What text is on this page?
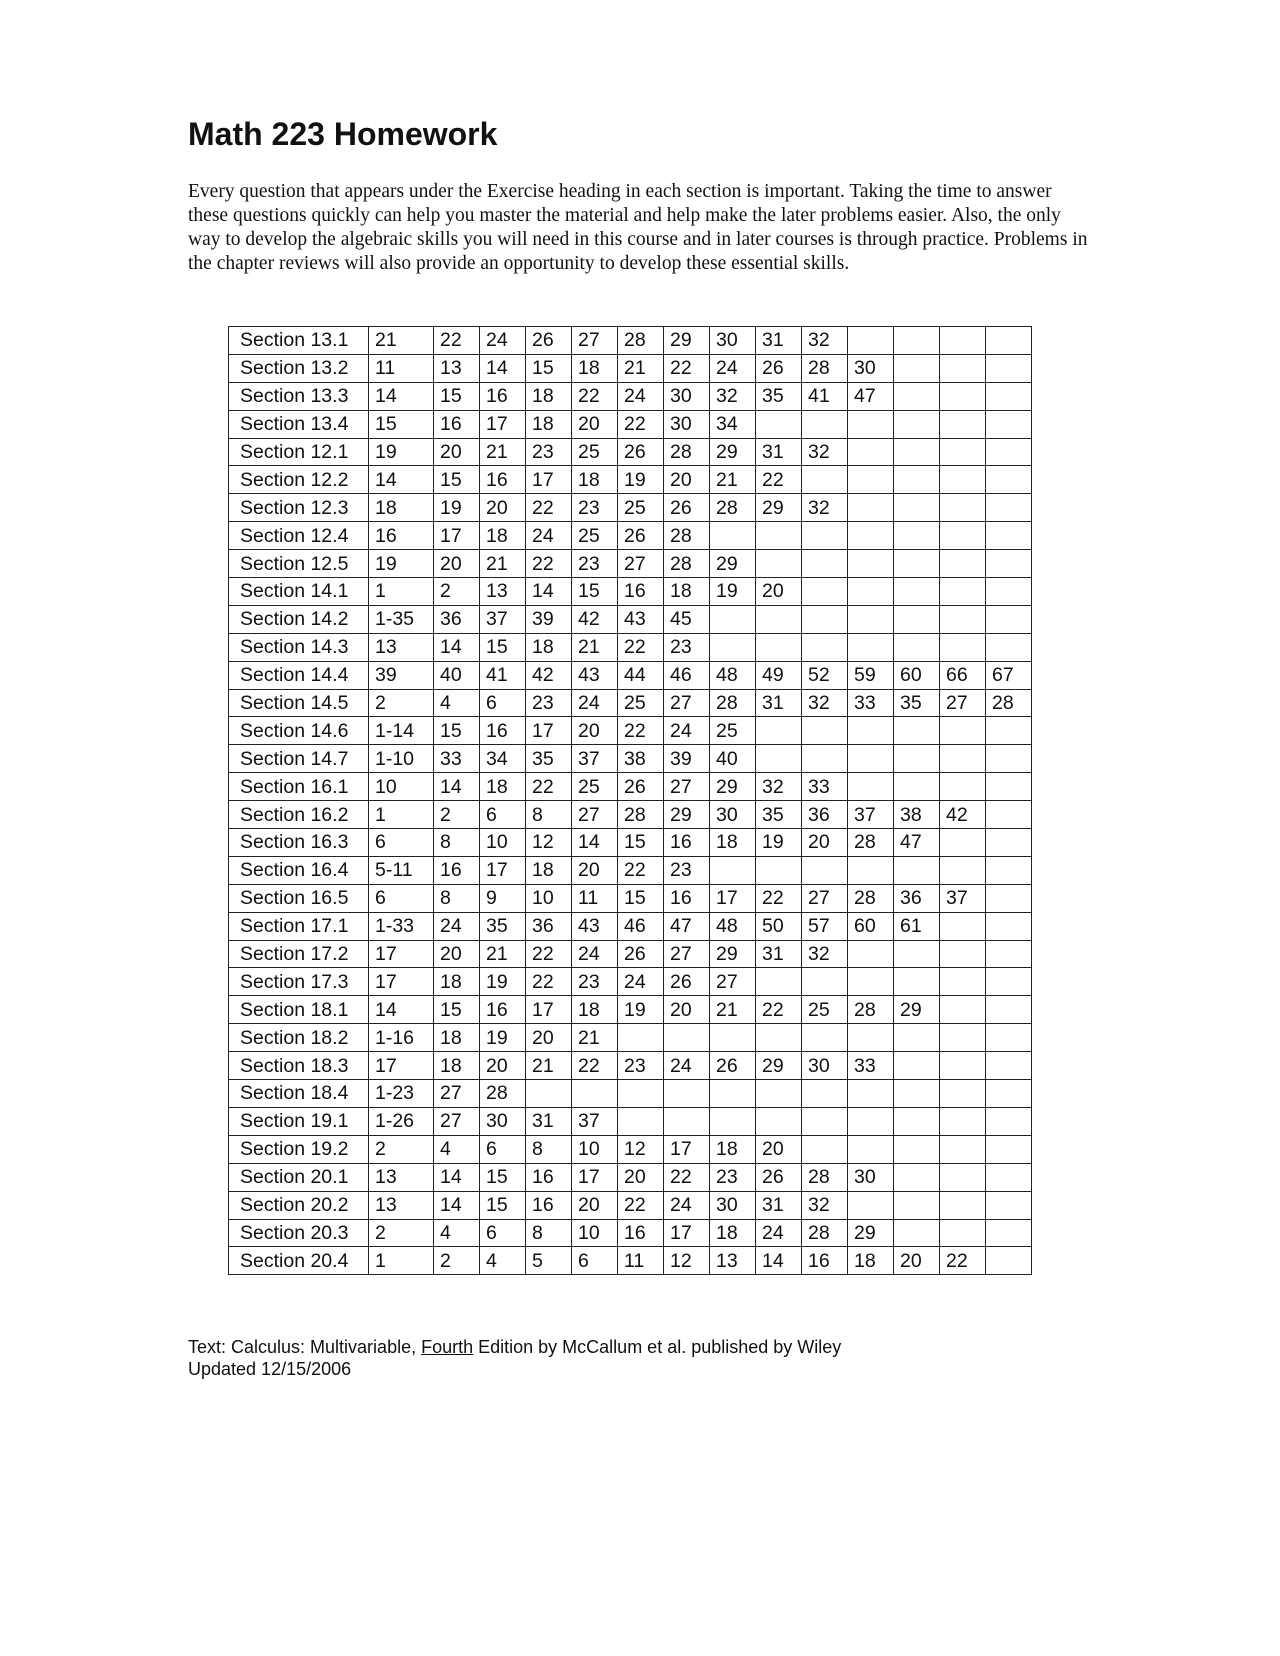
Math 223 Homework

Every question that appears under the Exercise heading in each section is important. Taking the time to answer these questions quickly can help you master the material and help make the later problems easier. Also, the only way to develop the algebraic skills you will need in this course and in later courses is through practice. Problems in the chapter reviews will also provide an opportunity to develop these essential skills.

Section 13.1	21	22	24	26	27	28	29	30	31	32				
Section 13.2	11	13	14	15	18	21	22	24	26	28	30			
Section 13.3	14	15	16	18	22	24	30	32	35	41	47			
Section 13.4	15	16	17	18	20	22	30	34						
Section 12.1	19	20	21	23	25	26	28	29	31	32				
Section 12.2	14	15	16	17	18	19	20	21	22					
Section 12.3	18	19	20	22	23	25	26	28	29	32				
Section 12.4	16	17	18	24	25	26	28							
Section 12.5	19	20	21	22	23	27	28	29						
Section 14.1	1	2	13	14	15	16	18	19	20					
Section 14.2	1-35	36	37	39	42	43	45							
Section 14.3	13	14	15	18	21	22	23							
Section 14.4	39	40	41	42	43	44	46	48	49	52	59	60	66	67
Section 14.5	2	4	6	23	24	25	27	28	31	32	33	35	27	28
Section 14.6	1-14	15	16	17	20	22	24	25						
Section 14.7	1-10	33	34	35	37	38	39	40						
Section 16.1	10	14	18	22	25	26	27	29	32	33				
Section 16.2	1	2	6	8	27	28	29	30	35	36	37	38	42	
Section 16.3	6	8	10	12	14	15	16	18	19	20	28	47		
Section 16.4	5-11	16	17	18	20	22	23							
Section 16.5	6	8	9	10	11	15	16	17	22	27	28	36	37	
Section 17.1	1-33	24	35	36	43	46	47	48	50	57	60	61		
Section 17.2	17	20	21	22	24	26	27	29	31	32				
Section 17.3	17	18	19	22	23	24	26	27						
Section 18.1	14	15	16	17	18	19	20	21	22	25	28	29		
Section 18.2	1-16	18	19	20	21									
Section 18.3	17	18	20	21	22	23	24	26	29	30	33			
Section 18.4	1-23	27	28											
Section 19.1	1-26	27	30	31	37									
Section 19.2	2	4	6	8	10	12	17	18	20					
Section 20.1	13	14	15	16	17	20	22	23	26	28	30			
Section 20.2	13	14	15	16	20	22	24	30	31	32				
Section 20.3	2	4	6	8	10	16	17	18	24	28	29			
Section 20.4	1	2	4	5	6	11	12	13	14	16	18	20	22	
Text: Calculus: Multivariable, Fourth Edition by McCallum et al. published by Wiley
Updated 12/15/2006
